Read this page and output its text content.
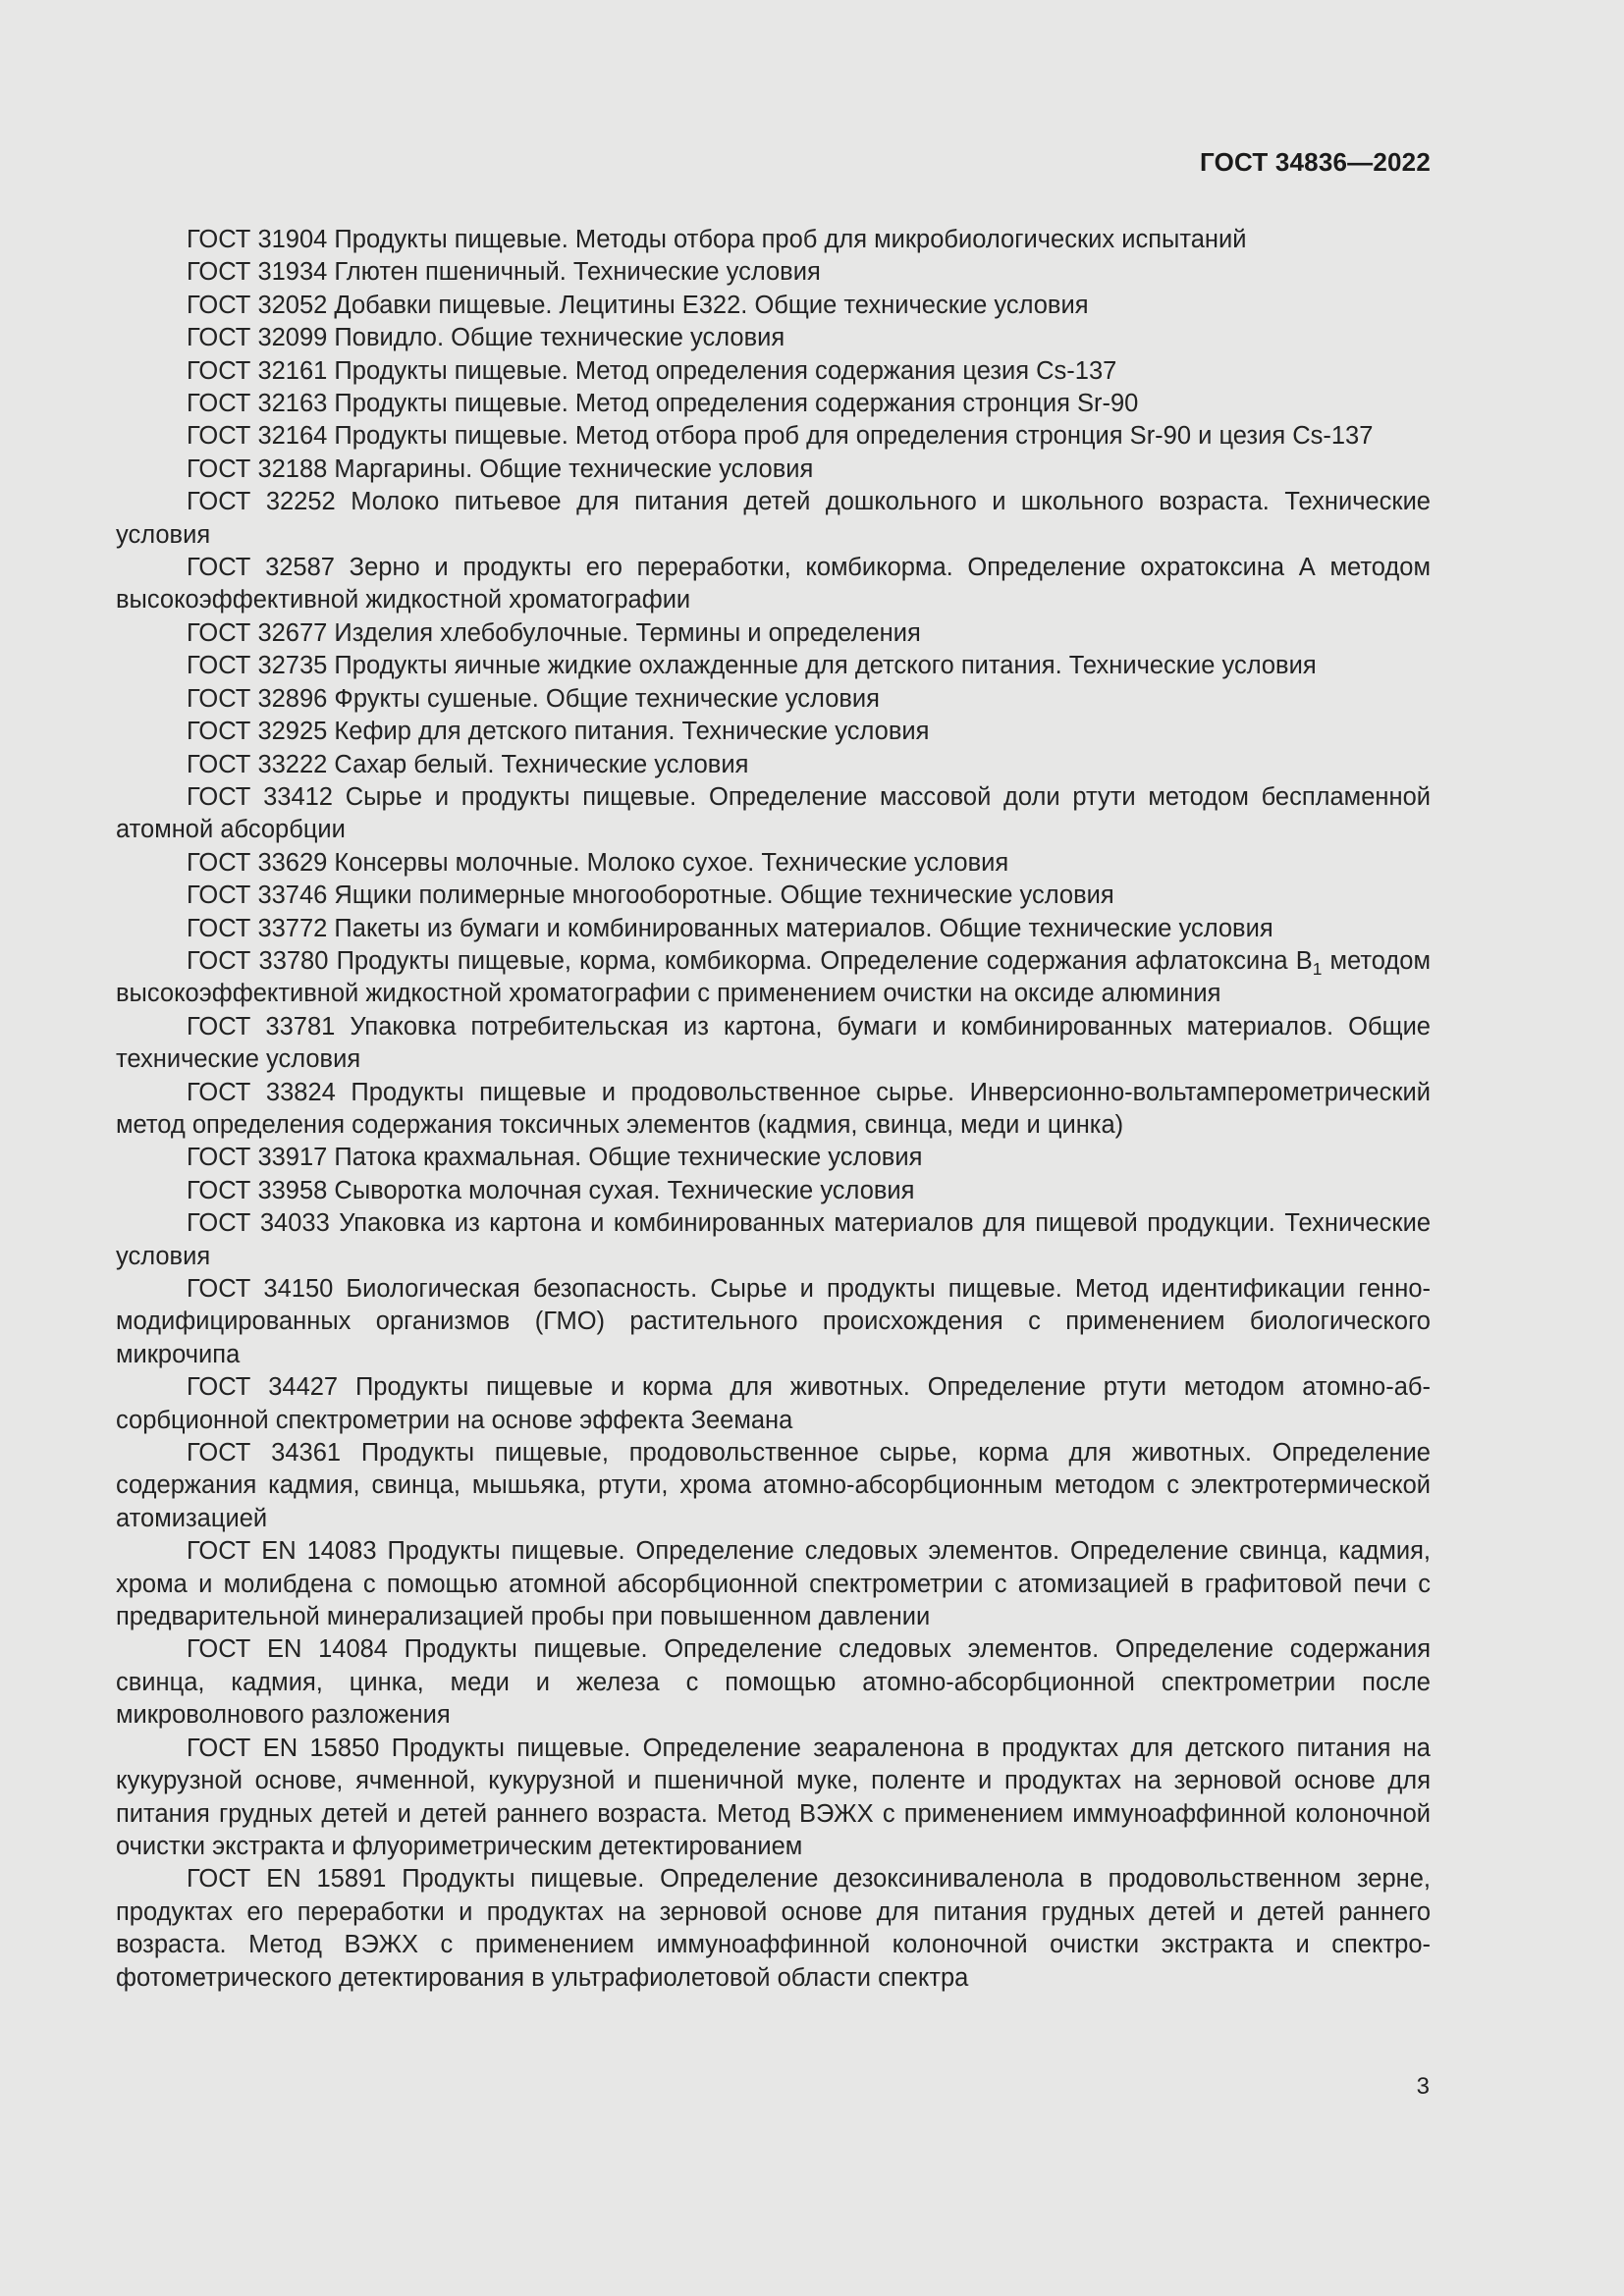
ГОСТ 34836—2022

ГОСТ 31904 Продукты пищевые. Методы отбора проб для микробиологических испытаний

ГОСТ 31934 Глютен пшеничный. Технические условия

ГОСТ 32052 Добавки пищевые. Лецитины Е322. Общие технические условия

ГОСТ 32099 Повидло. Общие технические условия

ГОСТ 32161 Продукты пищевые. Метод определения содержания цезия Cs-137

ГОСТ 32163 Продукты пищевые. Метод определения содержания стронция Sr-90

ГОСТ 32164 Продукты пищевые. Метод отбора проб для определения стронция Sr-90 и цезия Cs-137

ГОСТ 32188 Маргарины. Общие технические условия

ГОСТ 32252 Молоко питьевое для питания детей дошкольного и школьного возраста. Технические условия

ГОСТ 32587 Зерно и продукты его переработки, комбикорма. Определение охратоксина А методом высокоэффективной жидкостной хроматографии

ГОСТ 32677 Изделия хлебобулочные. Термины и определения

ГОСТ 32735 Продукты яичные жидкие охлажденные для детского питания. Технические условия

ГОСТ 32896 Фрукты сушеные. Общие технические условия

ГОСТ 32925 Кефир для детского питания. Технические условия

ГОСТ 33222 Сахар белый. Технические условия

ГОСТ 33412 Сырье и продукты пищевые. Определение массовой доли ртути методом беспламенной атомной абсорбции

ГОСТ 33629 Консервы молочные. Молоко сухое. Технические условия

ГОСТ 33746 Ящики полимерные многооборотные. Общие технические условия

ГОСТ 33772 Пакеты из бумаги и комбинированных материалов. Общие технические условия

ГОСТ 33780 Продукты пищевые, корма, комбикорма. Определение содержания афлатоксина $В_1$ методом высокоэффективной жидкостной хроматографии с применением очистки на оксиде алюминия

ГОСТ 33781 Упаковка потребительская из картона, бумаги и комбинированных материалов. Общие технические условия

ГОСТ 33824 Продукты пищевые и продовольственное сырье. Инверсионно-вольтамперометрический метод определения содержания токсичных элементов (кадмия, свинца, меди и цинка)

ГОСТ 33917 Патока крахмальная. Общие технические условия

ГОСТ 33958 Сыворотка молочная сухая. Технические условия

ГОСТ 34033 Упаковка из картона и комбинированных материалов для пищевой продукции. Технические условия

ГОСТ 34150 Биологическая безопасность. Сырье и продукты пищевые. Метод идентификации генно-модифицированных организмов (ГМО) растительного происхождения с применением биологического микрочипа

ГОСТ 34427 Продукты пищевые и корма для животных. Определение ртути методом атомно-абсорбционной спектрометрии на основе эффекта Зеемана

ГОСТ 34361 Продукты пищевые, продовольственное сырье, корма для животных. Определение содержания кадмия, свинца, мышьяка, ртути, хрома атомно-абсорбционным методом с электротермической атомизацией

ГОСТ EN 14083 Продукты пищевые. Определение следовых элементов. Определение свинца, кадмия, хрома и молибдена с помощью атомной абсорбционной спектрометрии с атомизацией в графитовой печи с предварительной минерализацией пробы при повышенном давлении

ГОСТ EN 14084 Продукты пищевые. Определение следовых элементов. Определение содержания свинца, кадмия, цинка, меди и железа с помощью атомно-абсорбционной спектрометрии после микроволнового разложения

ГОСТ EN 15850 Продукты пищевые. Определение зеараленона в продуктах для детского питания на кукурузной основе, ячменной, кукурузной и пшеничной муке, поленте и продуктах на зерновой основе для питания грудных детей и детей раннего возраста. Метод ВЭЖХ с применением иммуноаффинной колоночной очистки экстракта и флуориметрическим детектированием

ГОСТ EN 15891 Продукты пищевые. Определение дезоксиниваленола в продовольственном зерне, продуктах его переработки и продуктах на зерновой основе для питания грудных детей и детей раннего возраста. Метод ВЭЖХ с применением иммуноаффинной колоночной очистки экстракта и спектрофотометрического детектирования в ультрафиолетовой области спектра

3
